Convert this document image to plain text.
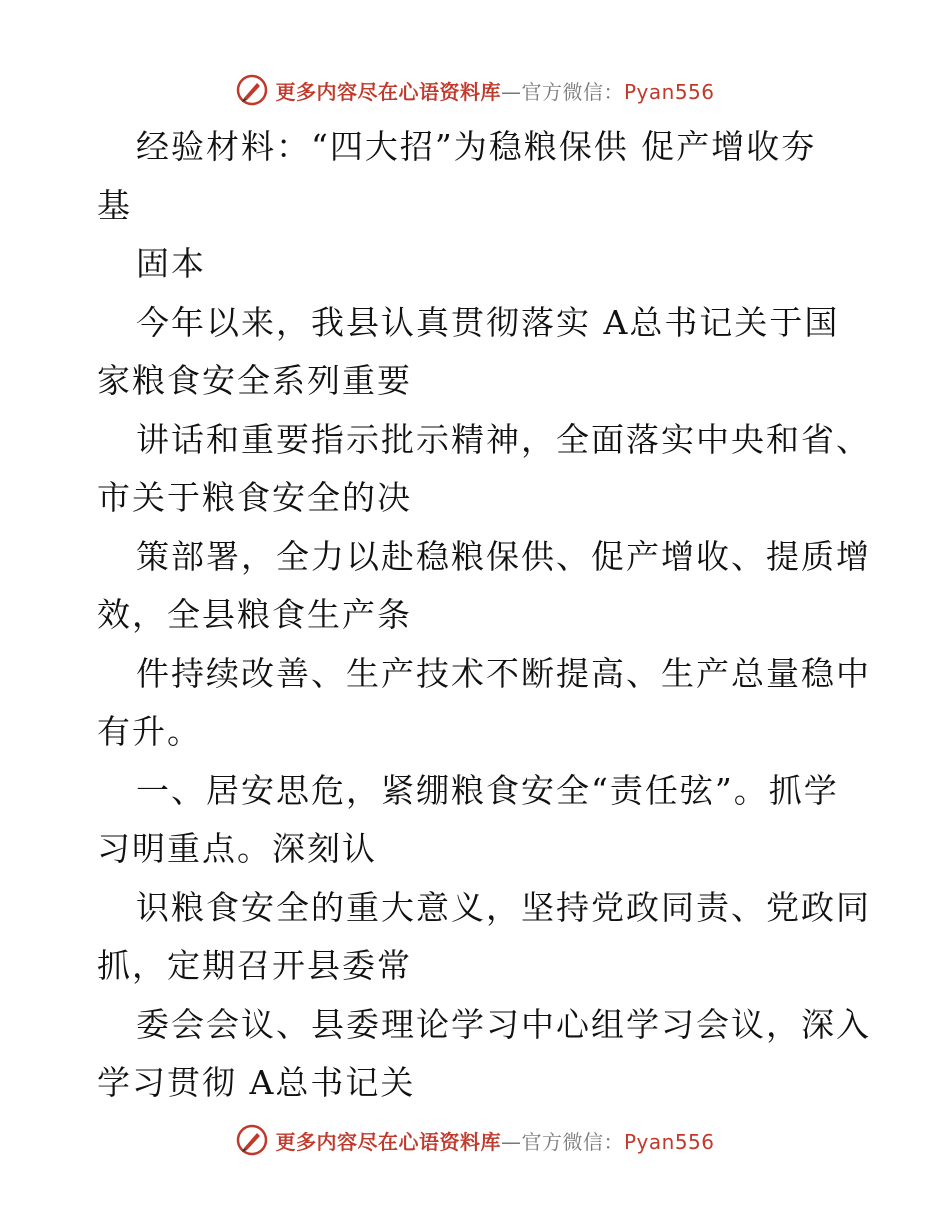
更多内容尽在心语资料库—官方微信：Pyan556
经验材料：“四大招”为稳粮保供 促产增收夯
基
固本
今年以来，我县认真贯彻落实 A总书记关于国
家粮食安全系列重要
讲话和重要指示批示精神，全面落实中央和省、
市关于粮食安全的决
策部署，全力以赴稳粮保供、促产增收、提质增
效，全县粮食生产条
件持续改善、生产技术不断提高、生产总量稳中
有升。
一、居安思危，紧绷粮食安全“责任弦”。抓学
习明重点。深刻认
识粮食安全的重大意义，坚持党政同责、党政同
抓，定期召开县委常
委会会议、县委理论学习中心组学习会议，深入
学习贯彻 A总书记关
更多内容尽在心语资料库—官方微信：Pyan556
